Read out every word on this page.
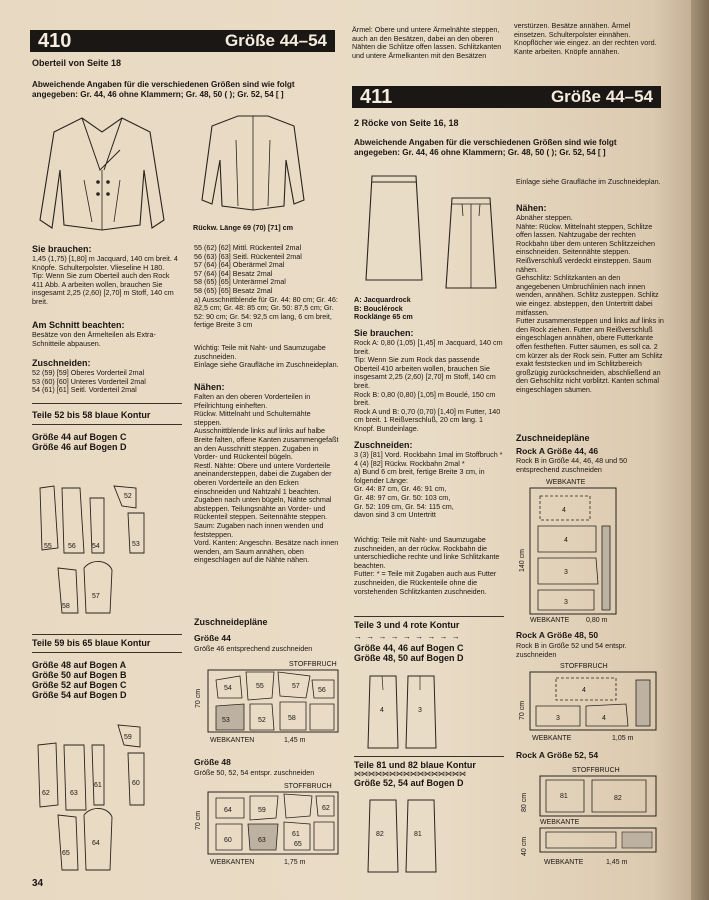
410	Größe 44–54
Oberteil von Seite 18
Abweichende Angaben für die verschiedenen Größen sind wie folgt angegeben: Gr. 44, 46 ohne Klammern; Gr. 48, 50 ( ); Gr. 52, 54 [ ]
Rückw. Länge 69 (70) [71] cm
Sie brauchen:
1,45 (1,75) [1,80] m Jacquard, 140 cm breit. 4 Knöpfe. Schulterpolster. Vlieseline H 180.
Tip: Wenn Sie zum Oberteil auch den Rock 411 Abb. A arbeiten wollen, brauchen Sie insgesamt 2,25 (2,60) [2,70] m Stoff, 140 cm breit.
Am Schnitt beachten:
Besätze von den Ärmelteilen als Extra-Schnitteile abpausen.
Zuschneiden:
52 (59) [59] Oberes Vorderteil 2mal
53 (60) [60] Unteres Vorderteil 2mal
54 (61) [61] Seitl. Vorderteil 2mal
55 (62) [62] Mittl. Rückenteil 2mal
56 (63) [63] Seitl. Rückenteil 2mal
57 (64) [64] Oberärmel 2mal
57 (64) [64] Besatz 2mal
58 (65) [65] Unterärmel 2mal
58 (65) [65] Besatz 2mal
a) Ausschnittblende für Gr. 44: 80 cm; Gr. 46: 82,5 cm; Gr. 48: 85 cm; Gr. 50: 87,5 cm; Gr. 52: 90 cm; Gr. 54: 92,5 cm lang, 6 cm breit, fertige Breite 3 cm
Wichtig: Teile mit Naht- und Saumzugabe zuschneiden.
Einlage siehe Graufläche im Zuschneideplan.
Nähen:
Falten an den oberen Vorderteilen in Pfeilrichtung einheften.
Rückw. Mittelnaht und Schulternähte steppen.
Ausschnittblende links auf links auf halbe Breite falten, offene Kanten zusammengefaßt an den Ausschnitt steppen. Zugaben in Vorder- und Rückenteil bügeln.
Restl. Nähte: Obere und untere Vorderteile aneinandersteppen, dabei die Zugaben der oberen Vorderteile an den Ecken einschneiden und Nahtzahl 1 beachten. Zugaben nach unten bügeln, Nähte schmal absteppen. Teilungsnähte an Vorder- und Rückenteil steppen. Seitennähte steppen.
Saum: Zugaben nach innen wenden und feststeppen.
Vord. Kanten: Angeschn. Besätze nach innen wenden, am Saum annähen, oben eingeschlagen auf die Nähte nähen.
Ärmel: Obere und untere Ärmelnähte steppen, auch an den Besätzen, dabei an den oberen Nähten die Schlitze offen lassen. Schlitzkanten und untere Ärmelkanten mit den Besätzen
verstürzen. Besätze annähen. Ärmel einsetzen. Schulterpolster einnähen. Knopflöcher wie eingez. an der rechten vord. Kante arbeiten. Knöpfe annähen.
Teile 52 bis 58 blaue Kontur
Größe 44 auf Bogen C
Größe 46 auf Bogen D
55 56 54	53
52
58
57
Teile 59 bis 65 blaue Kontur
Größe 48 auf Bogen A
Größe 50 auf Bogen B
Größe 52 auf Bogen C
Größe 54 auf Bogen D
62	63
61	60
59
65
64
Zuschneidepläne
Größe 44
Größe 46 entsprechend zuschneiden
STOFFBRUCH
55	57
54
53	52	58
56
70 cm
WEBKANTEN	1,45 m
Größe 48
Größe 50, 52, 54 entspr. zuschneiden
STOFFBRUCH
64	59	62
61
60	63
65
70 cm
WEBKANTEN	1,75 m
34
411	Größe 44–54
2 Röcke von Seite 16, 18
Abweichende Angaben für die verschiedenen Größen sind wie folgt angegeben: Gr. 44, 46 ohne Klammern; Gr. 48, 50 ( ); Gr. 52, 54 [ ]
A: Jacquardrock
B: Bouclérock
Rocklänge 65 cm
Sie brauchen:
Rock A: 0,80 (1,05) [1,45] m Jacquard, 140 cm breit.
Tip: Wenn Sie zum Rock das passende Oberteil 410 arbeiten wollen, brauchen Sie insgesamt 2,25 (2,60) [2,70] m Stoff, 140 cm breit.
Rock B: 0,80 (0,80) [1,05] m Bouclé, 150 cm breit.
Rock A und B: 0,70 (0,70) [1,40] m Futter, 140 cm breit. 1 Reißverschluß, 20 cm lang. 1 Knopf. Bundeinlage.
Zuschneiden:
3 (3) [81] Vord. Rockbahn 1mal im Stoffbruch *
4 (4) [82] Rückw. Rockbahn 2mal *
a) Bund 6 cm breit, fertige Breite 3 cm, in folgender Länge:
Gr. 44: 87 cm, Gr. 46: 91 cm,
Gr. 48: 97 cm, Gr. 50: 103 cm,
Gr. 52: 109 cm, Gr. 54: 115 cm,
davon sind 3 cm Untertritt
Wichtig: Teile mit Naht- und Saumzugabe zuschneiden, an der rückw. Rockbahn die unterschiedliche rechte und linke Schlitzkante beachten.
Futter: * = Teile mit Zugaben auch aus Futter zuschneiden, die Rückenteile ohne die vorstehenden Schlitzkanten zuschneiden.
Teile 3 und 4 rote Kontur
→ → → → → → → → →
Größe 44, 46 auf Bogen C
Größe 48, 50 auf Bogen D
4	3
Teile 81 und 82 blaue Kontur
⋈⋈⋈⋈⋈⋈⋈⋈⋈⋈⋈⋈⋈⋈⋈⋈
Größe 52, 54 auf Bogen D
82	81
Einlage siehe Graufläche im Zuschneideplan.
Nähen:
Abnäher steppen.
Nähte: Rückw. Mittelnaht steppen, Schlitze offen lassen. Nahtzugabe der rechten Rockbahn über dem unteren Schlitzzeichen einschneiden. Seitennähte steppen.
Reißverschluß verdeckt einsteppen. Saum nähen.
Gehschlitz: Schlitzkanten an den angegebenen Umbruchlinien nach innen wenden, annähen. Schlitz zusteppen. Schlitz wie eingez. absteppen, den Untertritt dabei mitfassen.
Futter zusammensteppen und links auf links in den Rock ziehen. Futter am Reißverschluß eingeschlagen annähen, obere Futterkante offen festheften. Futter säumen, es soll ca. 2 cm kürzer als der Rock sein. Futter am Schlitz exakt feststecken und im Schlitzbereich großzügig zurückschneiden, abschließend an den Gehschlitz nicht vorblitzt. Kanten schmal eingeschlagen säumen.
Zuschneidepläne
Rock A Größe 44, 46
Rock B in Größe 44, 46, 48 und 50 entsprechend zuschneiden
WEBKANTE
4
4
3
3
140 cm
WEBKANTE 0,80 m
Rock A Größe 48, 50
Rock B in Größe 52 und 54 entspr. zuschneiden
STOFFBRUCH
4
3	4
70 cm
WEBKANTE	1,05 m
Rock A Größe 52, 54
STOFFBRUCH
81	82
WEBKANTE
80 cm
40 cm
WEBKANTE	1,45 m
